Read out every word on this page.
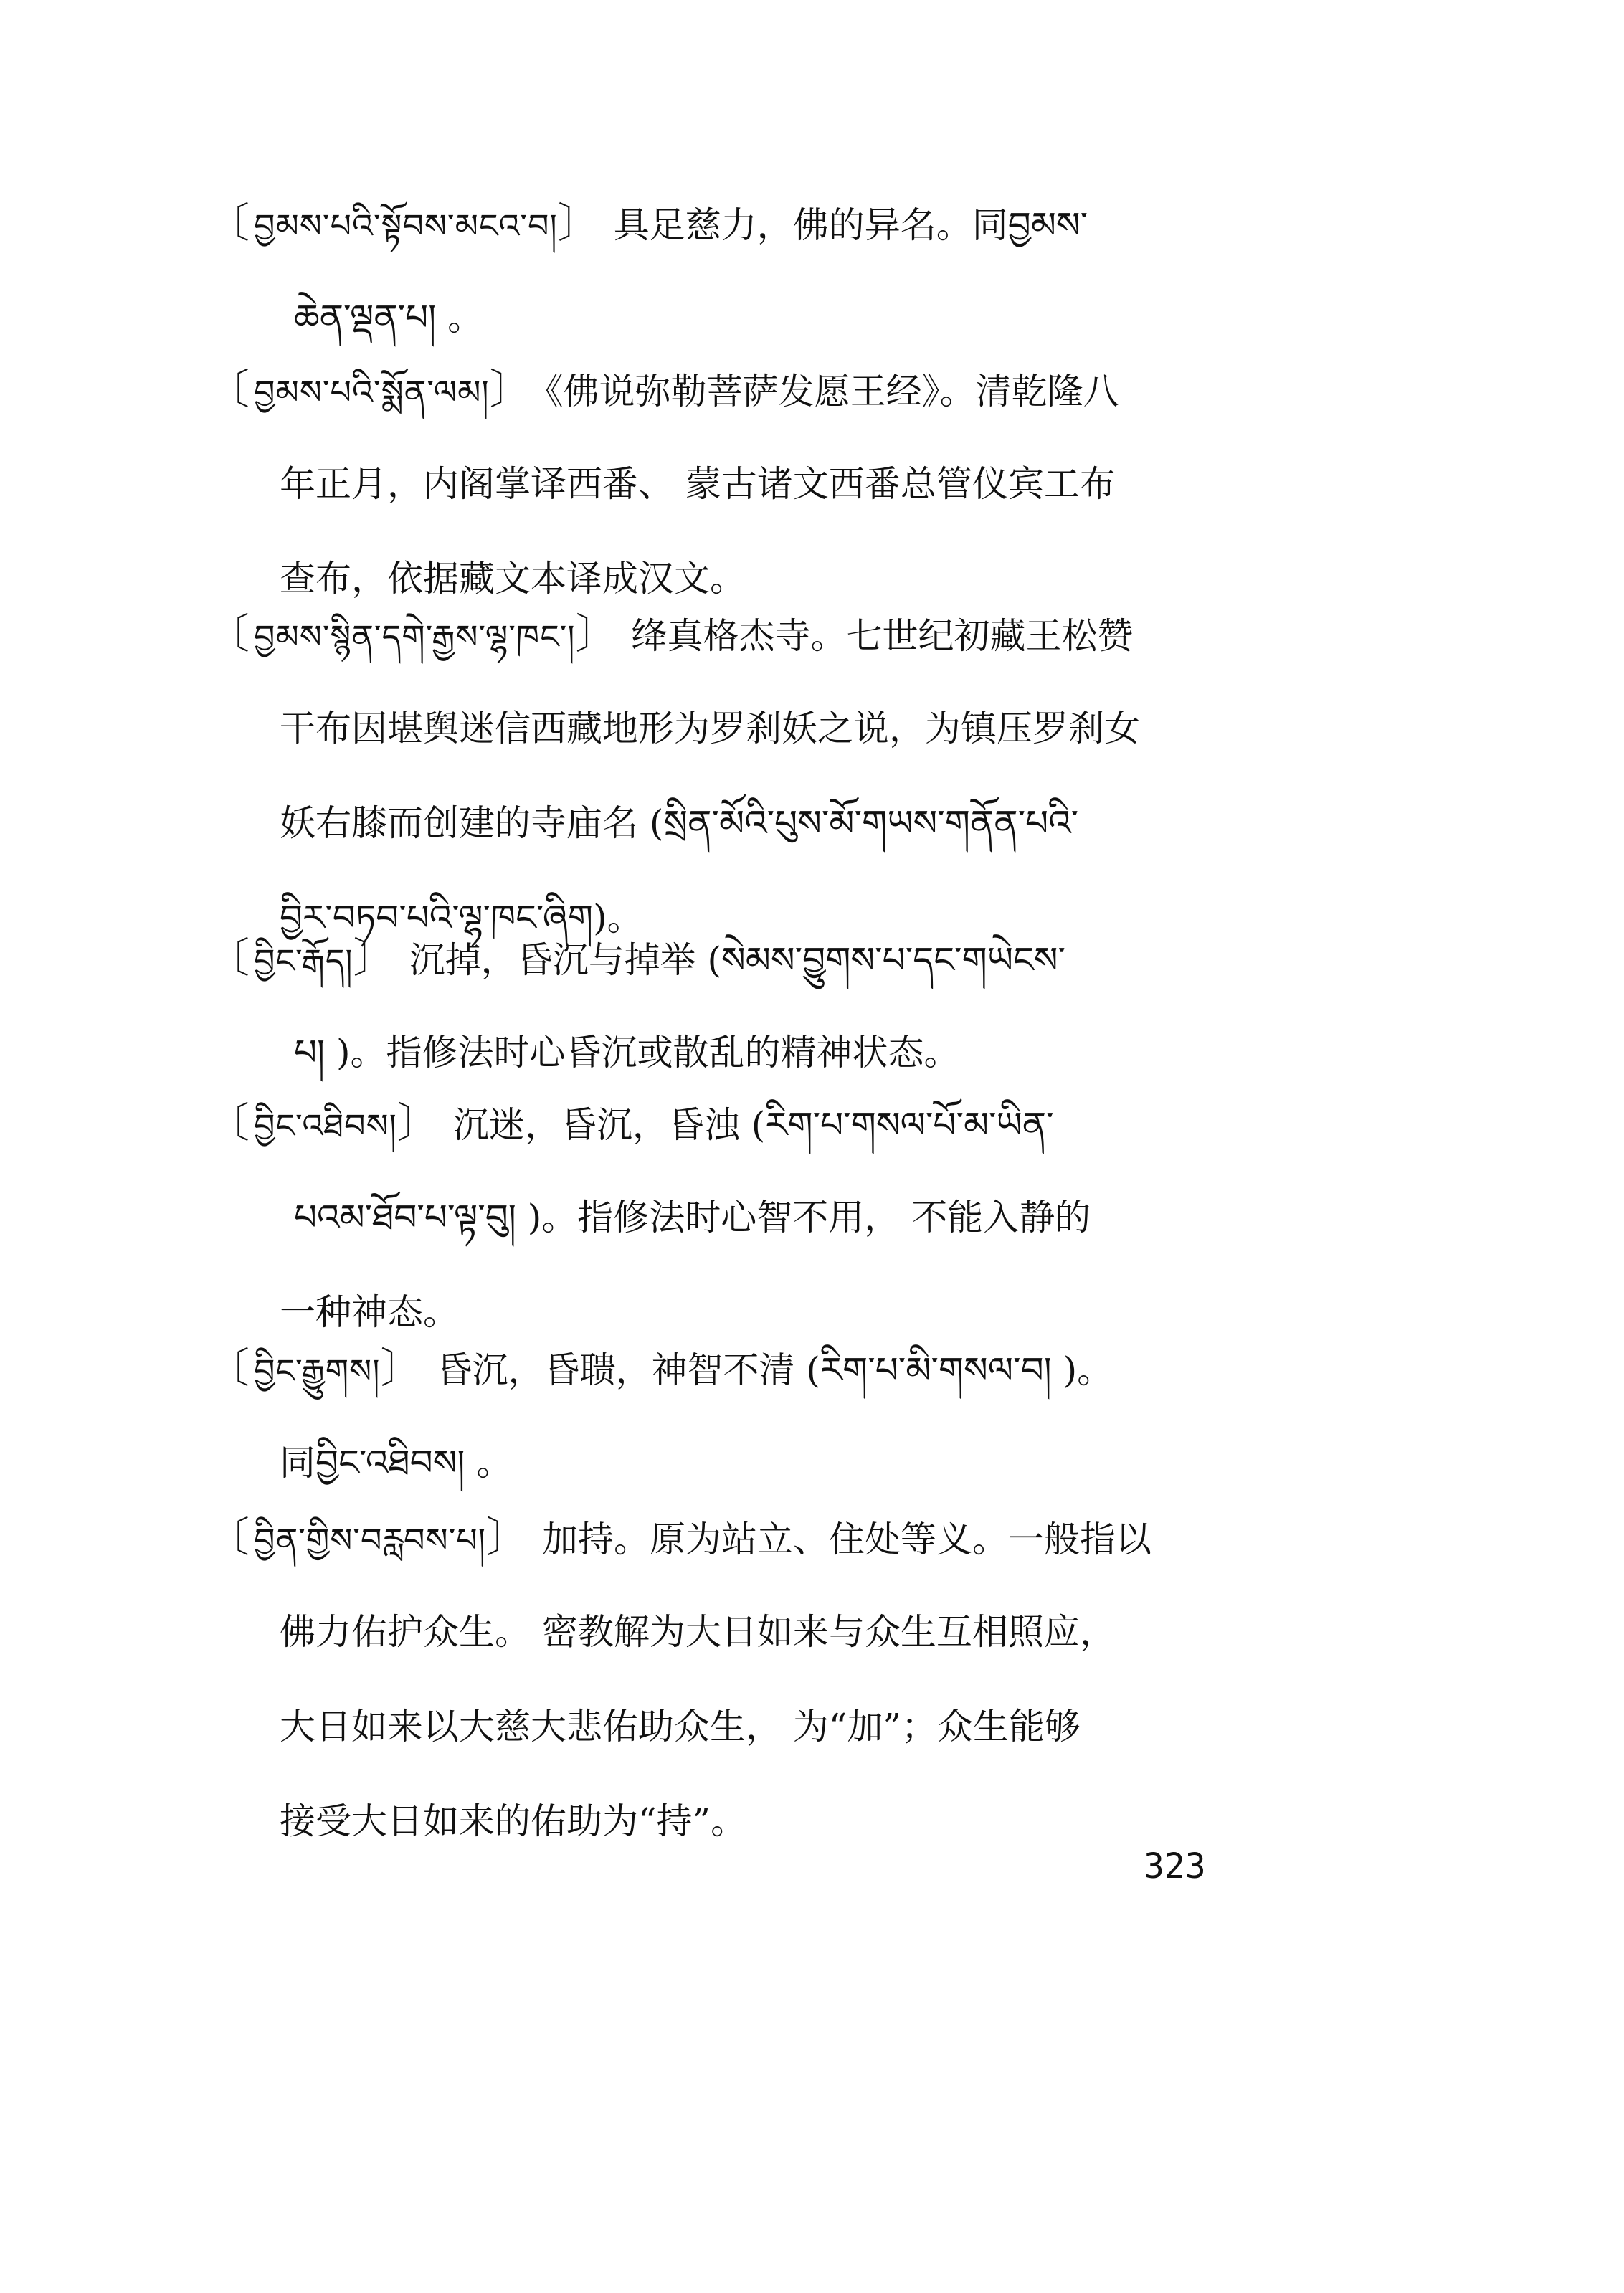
〔 བྱམས་པའི་སྟོབས་མངའ་བ།〕 具足慈力，佛的异名。同བྱམས་
ཆེན་ལྡན་པ། 。
〔 བྱམས་པའི་སྨོན་ལམ།〕 《佛说弥勒菩萨发愿王经》。清乾隆八
年正月，内阁掌译西番、 蒙古诸文西番总管仪宾工布
查布，依据藏文本译成汉文。
〔 བྱམས་སྙིན་དགེ་རྒྱས་ལྷ་ཁང་།〕 绛真格杰寺。七世纪初藏王松赞
干布因堪舆迷信西藏地形为罗刹妖之说，为镇压罗刹女
妖右膝而创建的寺庙名 (སྲིན་མོའི་པུས་མོ་གཡས་གནོན་པའི་
བྱིར་བཏབ་པའི་ལྷ་ཁང་ཞིག)。
〔 བྱིང་རྒོད།〕 沉掉，昏沉与掉举 (སེམས་བྱུགས་པ་དང་གཡེངས་
པ། )。指修法时心昏沉或散乱的精神状态。
〔 བྱིང་འཐིབས།〕 沉迷，昏沉，昏浊 (རིག་པ་གསལ་པོ་མ་ཡིན་
པའམ་ཐོབ་པ་ལྟ་བུ། )。指修法时心智不用， 不能入静的
一种神态。
〔 བྱིང་རྒྱུགས།〕 昏沉，昏聩，神智不清 (རིག་པ་མི་གསལ་བ། )。
同བྱིང་འཐིབས། 。
〔 བྱིན་གྱིས་བརླབས་པ།〕 加持。原为站立、住处等义。一般指以
佛力佑护众生。 密教解为大日如来与众生互相照应，
大日如来以大慈大悲佑助众生， 为“加”；众生能够
接受大日如来的佑助为“持”。
323
